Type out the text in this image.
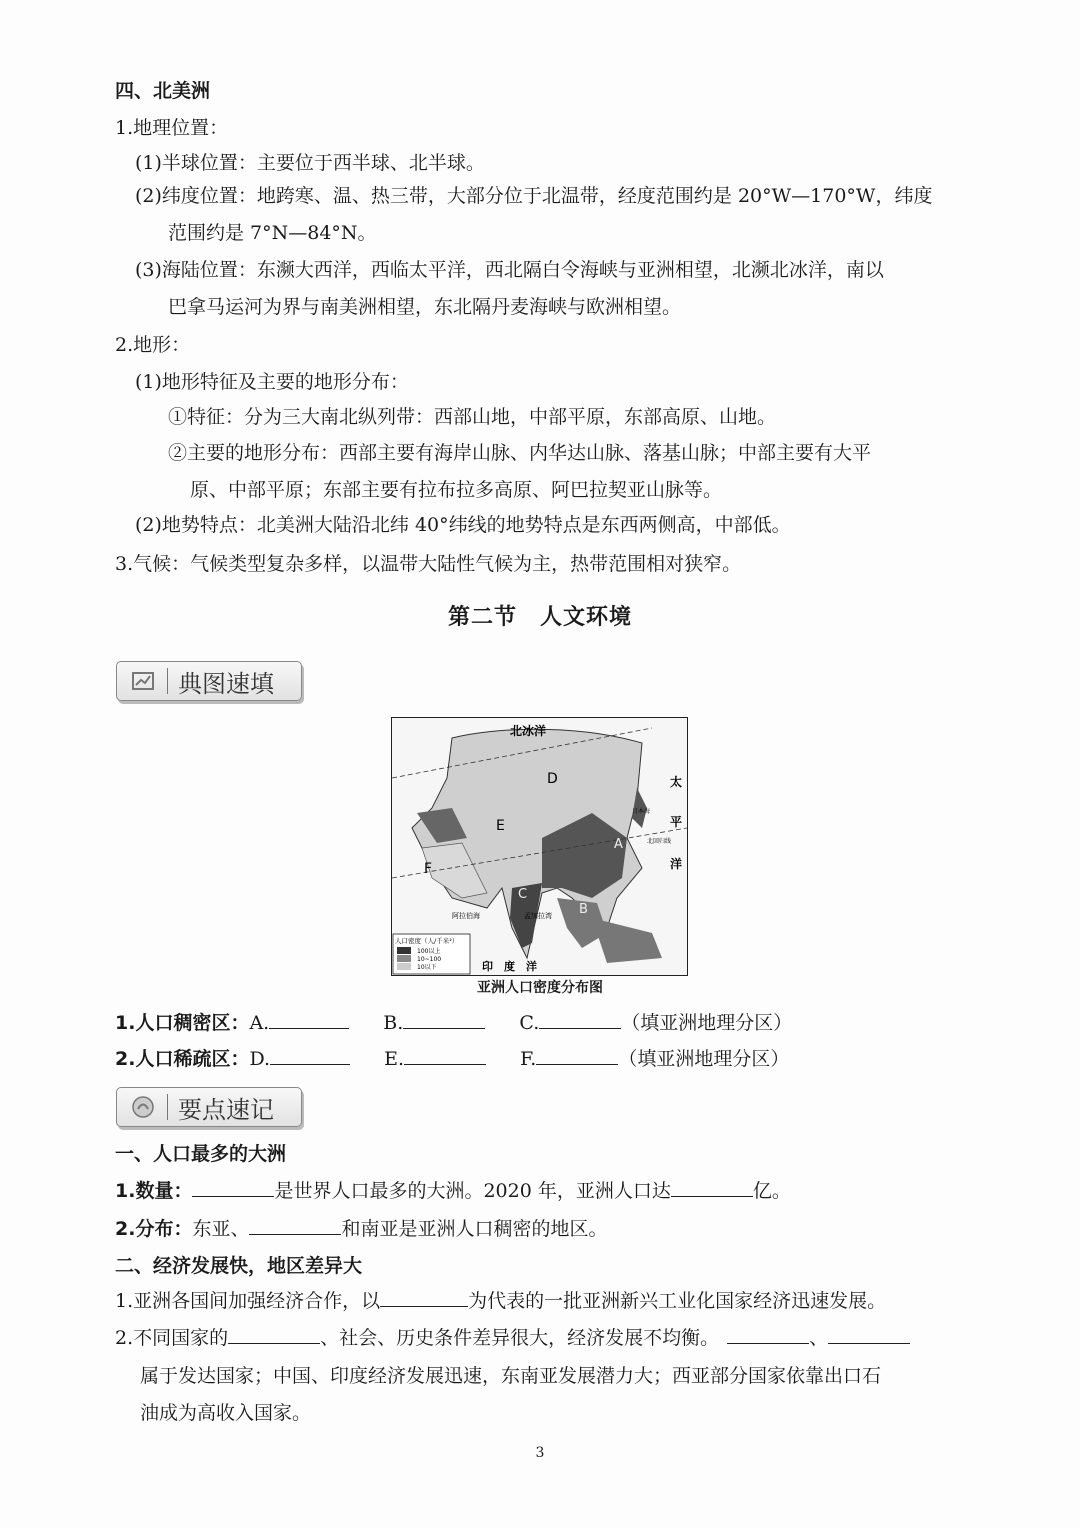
四、北美洲
1.地理位置：
(1)半球位置：主要位于西半球、北半球。
(2)纬度位置：地跨寒、温、热三带，大部分位于北温带，经度范围约是 20°W—170°W，纬度
范围约是 7°N—84°N。
(3)海陆位置：东濒大西洋，西临太平洋，西北隔白令海峡与亚洲相望，北濒北冰洋，南以
巴拿马运河为界与南美洲相望，东北隔丹麦海峡与欧洲相望。
2.地形：
(1)地形特征及主要的地形分布：
①特征：分为三大南北纵列带：西部山地，中部平原，东部高原、山地。
②主要的地形分布：西部主要有海岸山脉、内华达山脉、落基山脉；中部主要有大平
原、中部平原；东部主要有拉布拉多高原、阿巴拉契亚山脉等。
(2)地势特点：北美洲大陆沿北纬 40°纬线的地势特点是东西两侧高，中部低。
3.气候：气候类型复杂多样，以温带大陆性气候为主，热带范围相对狭窄。
第二节　人文环境
典图速填
北冰洋
太
平
洋
印　度　洋
北回归线
阿拉伯海	孟加拉湾
日本海
A
B
C
D
E
F
人口密度（人/千米²）
100以上
10~100
10以下
亚洲人口密度分布图
1.人口稠密区：A.	B.	C.	（填亚洲地理分区）
2.人口稀疏区：D.	E.	F.	（填亚洲地理分区）
要点速记
一、人口最多的大洲
1.数量：	是世界人口最多的大洲。2020 年，亚洲人口达	亿。
2.分布：东亚、	和南亚是亚洲人口稠密的地区。
二、经济发展快，地区差异大
1.亚洲各国间加强经济合作，以	为代表的一批亚洲新兴工业化国家经济迅速发展。
2.不同国家的	、社会、历史条件差异很大，经济发展不均衡。	、
属于发达国家；中国、印度经济发展迅速，东南亚发展潜力大；西亚部分国家依靠出口石
油成为高收入国家。
3
